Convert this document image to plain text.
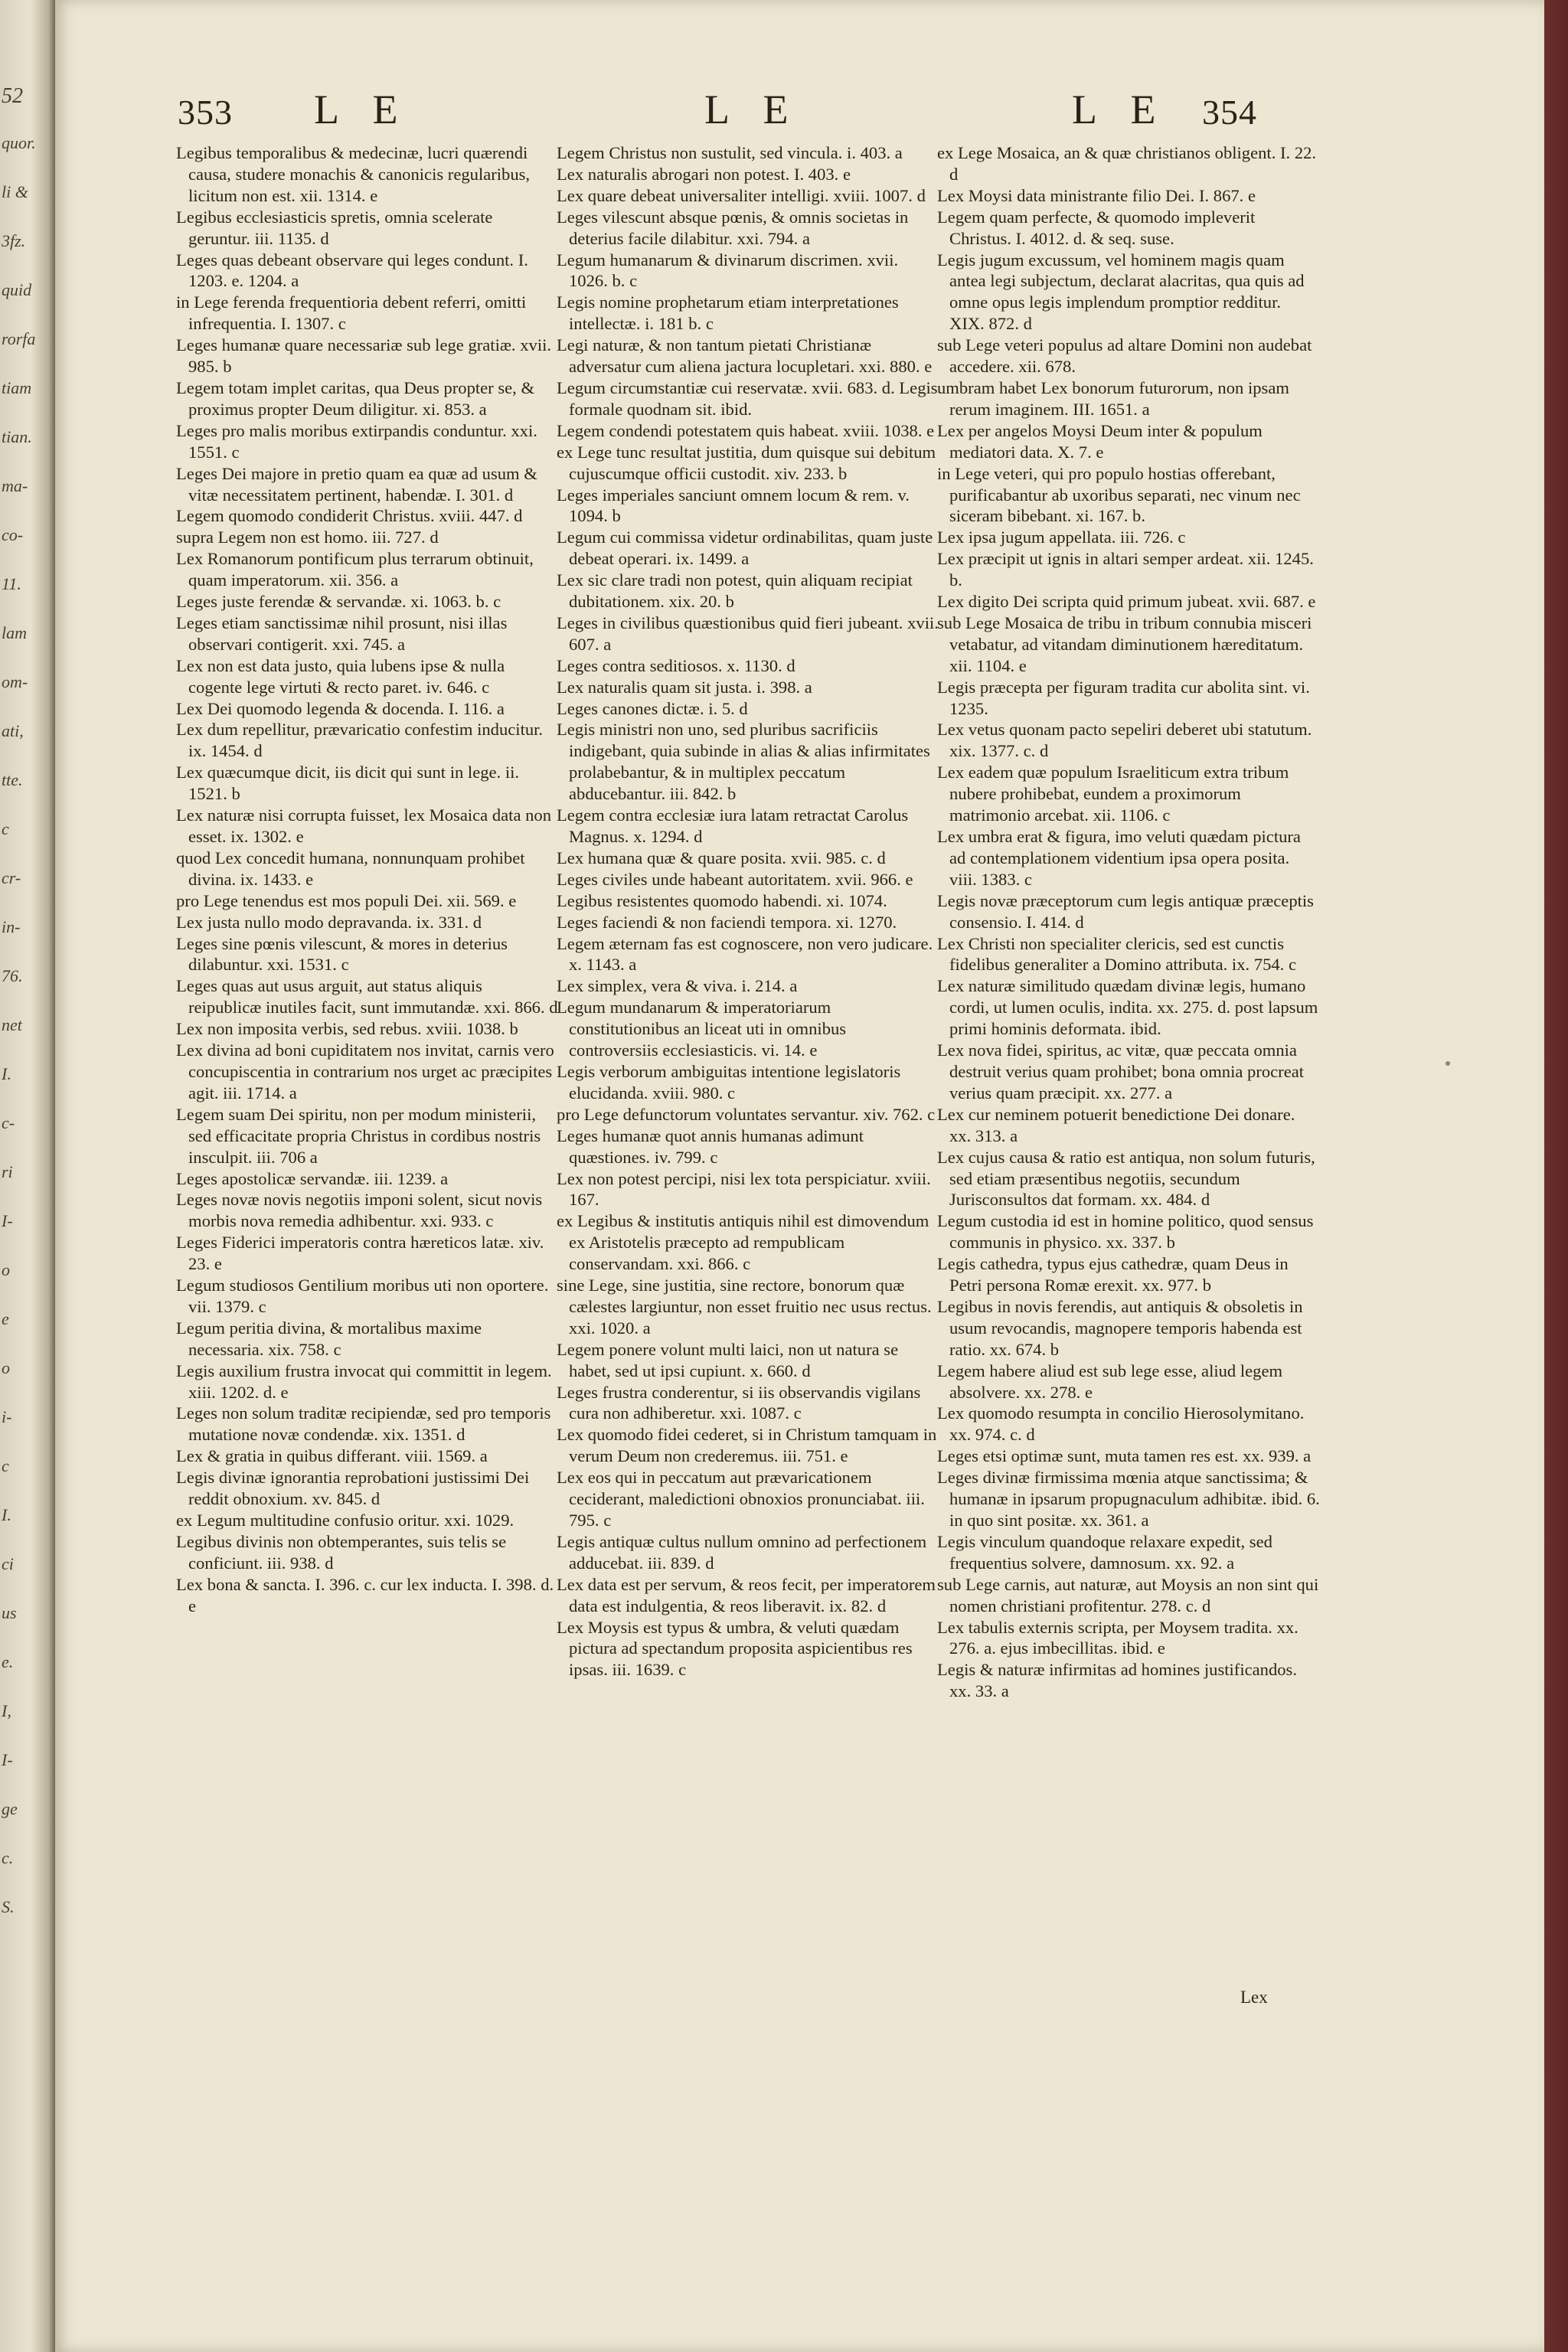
52
quor.
li &
3fz.
quid
rorfa
tiam
tian.
ma-
co-
11.
lam
om-
ati,
tte.
c
cr-
in-
76.
net
I.
c-
ri
I-
o
e
o
i-
c
I.
ci
us
e.
I,
I-
ge
c.
S.
353 L E	L E	L E 354

Legibus temporalibus & medecinæ, lucri quærendi causa, studere monachis & canonicis regularibus, licitum non est. xii. 1314. e

Legibus ecclesiasticis spretis, omnia scelerate geruntur. iii. 1135. d

Leges quas debeant observare qui leges condunt. I. 1203. e. 1204. a

in Lege ferenda frequentioria debent referri, omitti infrequentia. I. 1307. c

Leges humanæ quare necessariæ sub lege gratiæ. xvii. 985. b

Legem totam implet caritas, qua Deus propter se, & proximus propter Deum diligitur. xi. 853. a

Leges pro malis moribus extirpandis conduntur. xxi. 1551. c

Leges Dei majore in pretio quam ea quæ ad usum & vitæ necessitatem pertinent, habendæ. I. 301. d

Legem quomodo condiderit Christus. xviii. 447. d

supra Legem non est homo. iii. 727. d

Lex Romanorum pontificum plus terrarum obtinuit, quam imperatorum. xii. 356. a

Leges juste ferendæ & servandæ. xi. 1063. b. c

Leges etiam sanctissimæ nihil prosunt, nisi illas observari contigerit. xxi. 745. a

Lex non est data justo, quia lubens ipse & nulla cogente lege virtuti & recto paret. iv. 646. c

Lex Dei quomodo legenda & docenda. I. 116. a

Lex dum repellitur, prævaricatio confestim inducitur. ix. 1454. d

Lex quæcumque dicit, iis dicit qui sunt in lege. ii. 1521. b

Lex naturæ nisi corrupta fuisset, lex Mosaica data non esset. ix. 1302. e

quod Lex concedit humana, nonnunquam prohibet divina. ix. 1433. e

pro Lege tenendus est mos populi Dei. xii. 569. e

Lex justa nullo modo depravanda. ix. 331. d

Leges sine pœnis vilescunt, & mores in deterius dilabuntur. xxi. 1531. c

Leges quas aut usus arguit, aut status aliquis reipublicæ inutiles facit, sunt immutandæ. xxi. 866. d

Lex non imposita verbis, sed rebus. xviii. 1038. b

Lex divina ad boni cupiditatem nos invitat, carnis vero concupiscentia in contrarium nos urget ac præcipites agit. iii. 1714. a

Legem suam Dei spiritu, non per modum ministerii, sed efficacitate propria Christus in cordibus nostris insculpit. iii. 706 a

Leges apostolicæ servandæ. iii. 1239. a

Leges novæ novis negotiis imponi solent, sicut novis morbis nova remedia adhibentur. xxi. 933. c

Leges Fiderici imperatoris contra hæreticos latæ. xiv. 23. e

Legum studiosos Gentilium moribus uti non oportere. vii. 1379. c

Legum peritia divina, & mortalibus maxime necessaria. xix. 758. c

Legis auxilium frustra invocat qui committit in legem. xiii. 1202. d. e

Leges non solum traditæ recipiendæ, sed pro temporis mutatione novæ condendæ. xix. 1351. d

Lex & gratia in quibus differant. viii. 1569. a

Legis divinæ ignorantia reprobationi justissimi Dei reddit obnoxium. xv. 845. d

ex Legum multitudine confusio oritur. xxi. 1029.

Legibus divinis non obtemperantes, suis telis se conficiunt. iii. 938. d

Lex bona & sancta. I. 396. c. cur lex inducta. I. 398. d. e

Legem Christus non sustulit, sed vincula. i. 403. a

Lex naturalis abrogari non potest. I. 403. e

Lex quare debeat universaliter intelligi. xviii. 1007. d

Leges vilescunt absque pœnis, & omnis societas in deterius facile dilabitur. xxi. 794. a

Legum humanarum & divinarum discrimen. xvii. 1026. b. c

Legis nomine prophetarum etiam interpretationes intellectæ. i. 181 b. c

Legi naturæ, & non tantum pietati Christianæ adversatur cum aliena jactura locupletari. xxi. 880. e

Legum circumstantiæ cui reservatæ. xvii. 683. d. Legis formale quodnam sit. ibid.

Legem condendi potestatem quis habeat. xviii. 1038. e

ex Lege tunc resultat justitia, dum quisque sui debitum cujuscumque officii custodit. xiv. 233. b

Leges imperiales sanciunt omnem locum & rem. v. 1094. b

Legum cui commissa videtur ordinabilitas, quam juste debeat operari. ix. 1499. a

Lex sic clare tradi non potest, quin aliquam recipiat dubitationem. xix. 20. b

Leges in civilibus quæstionibus quid fieri jubeant. xvii. 607. a

Leges contra seditiosos. x. 1130. d

Lex naturalis quam sit justa. i. 398. a

Leges canones dictæ. i. 5. d

Legis ministri non uno, sed pluribus sacrificiis indigebant, quia subinde in alias & alias infirmitates prolabebantur, & in multiplex peccatum abducebantur. iii. 842. b

Legem contra ecclesiæ iura latam retractat Carolus Magnus. x. 1294. d

Lex humana quæ & quare posita. xvii. 985. c. d

Leges civiles unde habeant autoritatem. xvii. 966. e

Legibus resistentes quomodo habendi. xi. 1074.

Leges faciendi & non faciendi tempora. xi. 1270.

Legem æternam fas est cognoscere, non vero judicare. x. 1143. a

Lex simplex, vera & viva. i. 214. a

Legum mundanarum & imperatoriarum constitutionibus an liceat uti in omnibus controversiis ecclesiasticis. vi. 14. e

Legis verborum ambiguitas intentione legislatoris elucidanda. xviii. 980. c

pro Lege defunctorum voluntates servantur. xiv. 762. c

Leges humanæ quot annis humanas adimunt quæstiones. iv. 799. c

Lex non potest percipi, nisi lex tota perspiciatur. xviii. 167.

ex Legibus & institutis antiquis nihil est dimovendum ex Aristotelis præcepto ad rempublicam conservandam. xxi. 866. c

sine Lege, sine justitia, sine rectore, bonorum quæ cælestes largiuntur, non esset fruitio nec usus rectus. xxi. 1020. a

Legem ponere volunt multi laici, non ut natura se habet, sed ut ipsi cupiunt. x. 660. d

Leges frustra conderentur, si iis observandis vigilans cura non adhiberetur. xxi. 1087. c

Lex quomodo fidei cederet, si in Christum tamquam in verum Deum non crederemus. iii. 751. e

Lex eos qui in peccatum aut prævaricationem ceciderant, maledictioni obnoxios pronunciabat. iii. 795. c

Legis antiquæ cultus nullum omnino ad perfectionem adducebat. iii. 839. d

Lex data est per servum, & reos fecit, per imperatorem data est indulgentia, & reos liberavit. ix. 82. d

Lex Moysis est typus & umbra, & veluti quædam pictura ad spectandum proposita aspicientibus res ipsas. iii. 1639. c

ex Lege Mosaica, an & quæ christianos obligent. I. 22. d

Lex Moysi data ministrante filio Dei. I. 867. e

Legem quam perfecte, & quomodo impleverit Christus. I. 4012. d. & seq. suse.

Legis jugum excussum, vel hominem magis quam antea legi subjectum, declarat alacritas, qua quis ad omne opus legis implendum promptior redditur. XIX. 872. d

sub Lege veteri populus ad altare Domini non audebat accedere. xii. 678.

umbram habet Lex bonorum futurorum, non ipsam rerum imaginem. III. 1651. a

Lex per angelos Moysi Deum inter & populum mediatori data. X. 7. e

in Lege veteri, qui pro populo hostias offerebant, purificabantur ab uxoribus separati, nec vinum nec siceram bibebant. xi. 167. b.

Lex ipsa jugum appellata. iii. 726. c

Lex præcipit ut ignis in altari semper ardeat. xii. 1245. b.

Lex digito Dei scripta quid primum jubeat. xvii. 687. e

sub Lege Mosaica de tribu in tribum connubia misceri vetabatur, ad vitandam diminutionem hæreditatum. xii. 1104. e

Legis præcepta per figuram tradita cur abolita sint. vi. 1235.

Lex vetus quonam pacto sepeliri deberet ubi statutum. xix. 1377. c. d

Lex eadem quæ populum Israeliticum extra tribum nubere prohibebat, eundem a proximorum matrimonio arcebat. xii. 1106. c

Lex umbra erat & figura, imo veluti quædam pictura ad contemplationem videntium ipsa opera posita. viii. 1383. c

Legis novæ præceptorum cum legis antiquæ præceptis consensio. I. 414. d

Lex Christi non specialiter clericis, sed est cunctis fidelibus generaliter a Domino attributa. ix. 754. c

Lex naturæ similitudo quædam divinæ legis, humano cordi, ut lumen oculis, indita. xx. 275. d. post lapsum primi hominis deformata. ibid.

Lex nova fidei, spiritus, ac vitæ, quæ peccata omnia destruit verius quam prohibet; bona omnia procreat verius quam præcipit. xx. 277. a

Lex cur neminem potuerit benedictione Dei donare. xx. 313. a

Lex cujus causa & ratio est antiqua, non solum futuris, sed etiam præsentibus negotiis, secundum Jurisconsultos dat formam. xx. 484. d

Legum custodia id est in homine politico, quod sensus communis in physico. xx. 337. b

Legis cathedra, typus ejus cathedræ, quam Deus in Petri persona Romæ erexit. xx. 977. b

Legibus in novis ferendis, aut antiquis & obsoletis in usum revocandis, magnopere temporis habenda est ratio. xx. 674. b

Legem habere aliud est sub lege esse, aliud legem absolvere. xx. 278. e

Lex quomodo resumpta in concilio Hierosolymitano. xx. 974. c. d

Leges etsi optimæ sunt, muta tamen res est. xx. 939. a

Leges divinæ firmissima mœnia atque sanctissima; & humanæ in ipsarum propugnaculum adhibitæ. ibid. 6. in quo sint positæ. xx. 361. a

Legis vinculum quandoque relaxare expedit, sed frequentius solvere, damnosum. xx. 92. a

sub Lege carnis, aut naturæ, aut Moysis an non sint qui nomen christiani profitentur. 278. c. d

Lex tabulis externis scripta, per Moysem tradita. xx. 276. a. ejus imbecillitas. ibid. e

Legis & naturæ infirmitas ad homines justificandos. xx. 33. a

Lex
